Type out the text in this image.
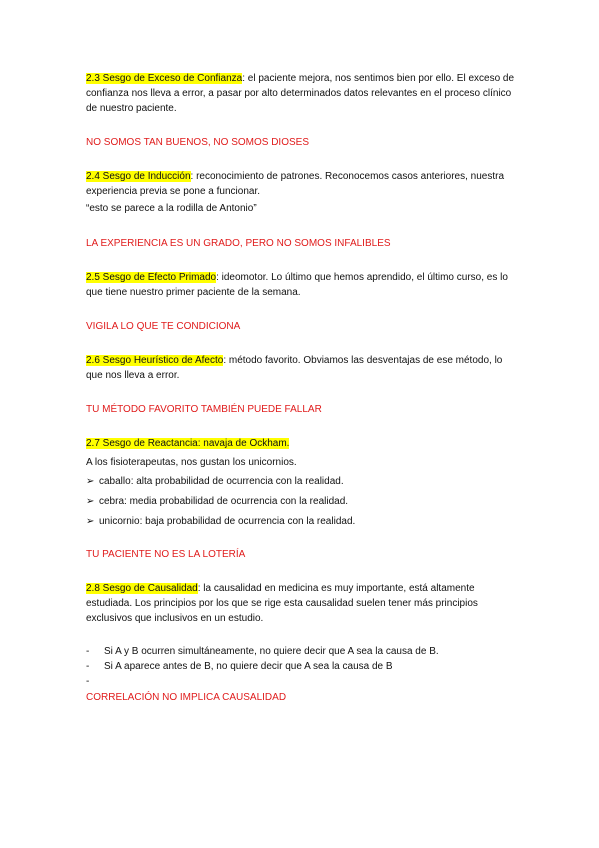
2.3 Sesgo de Exceso de Confianza: el paciente mejora, nos sentimos bien por ello. El exceso de confianza nos lleva a error, a pasar por alto determinados datos relevantes en el proceso clínico de nuestro paciente.
NO SOMOS TAN BUENOS, NO SOMOS DIOSES
2.4 Sesgo de Inducción: reconocimiento de patrones. Reconocemos casos anteriores, nuestra experiencia previa se pone a funcionar.
“esto se parece a la rodilla de Antonio”
LA EXPERIENCIA ES UN GRADO, PERO NO SOMOS INFALIBLES
2.5 Sesgo de Efecto Primado: ideomotor. Lo último que hemos aprendido, el último curso, es lo que tiene nuestro primer paciente de la semana.
VIGILA LO QUE TE CONDICIONA
2.6 Sesgo Heurístico de Afecto: método favorito. Obviamos las desventajas de ese método, lo que nos lleva a error.
TU MÉTODO FAVORITO TAMBIÉN PUEDE FALLAR
2.7 Sesgo de Reactancia: navaja de Ockham.
A los fisioterapeutas, nos gustan los unicornios.
➢ caballo: alta probabilidad de ocurrencia con la realidad.
➢ cebra: media probabilidad de ocurrencia con la realidad.
➢ unicornio: baja probabilidad de ocurrencia con la realidad.
TU PACIENTE NO ES LA LOTERÍA
2.8 Sesgo de Causalidad: la causalidad en medicina es muy importante, está altamente estudiada. Los principios por los que se rige esta causalidad suelen tener más principios exclusivos que inclusivos en un estudio.
- Si A y B ocurren simultáneamente, no quiere decir que A sea la causa de B.
- Si A aparece antes de B, no quiere decir que A sea la causa de B
-
CORRELACIÓN NO IMPLICA CAUSALIDAD
